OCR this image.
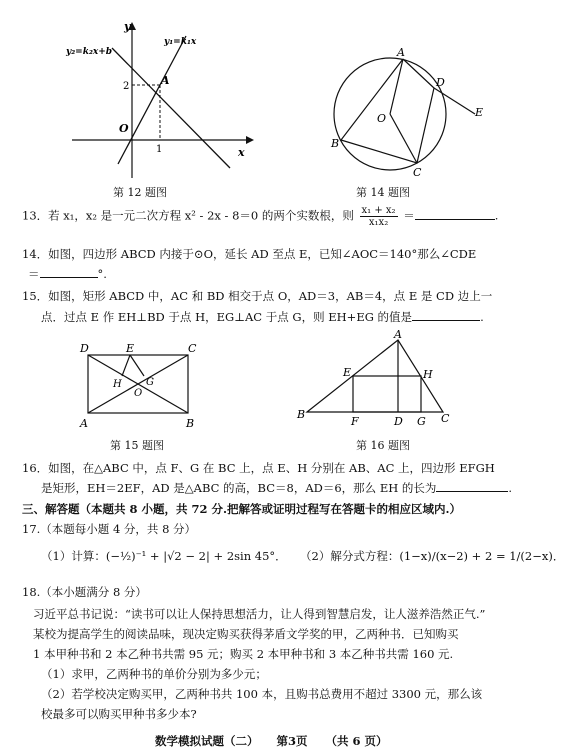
y
x
O
y₁=k₁x
y₂=k₂x+b
A
2
1
第 12 题图
A
D
E
O
B
C
第 14 题图
13．若 x₁，x₂ 是一元二次方程 x² - 2x - 8＝0 的两个实数根，则 $\frac{\text{x₁ + x₂}}{\text{x₁x₂}}$ ＝	.
14．如图，四边形 ABCD 内接于⊙O，延长 AD 至点 E，已知∠AOC＝140°那么∠CDE
＝	°.
15．如图，矩形 ABCD 中，AC 和 BD 相交于点 O，AD＝3，AB＝4，点 E 是 CD 边上一
点．过点 E 作 EH⊥BD 于点 H，EG⊥AC 于点 G，则 EH+EG 的值是	.
D	E	C
H G
O
A	B
第 15 题图
A
E	H
B
F	D G C
第 16 题图
16．如图，在△ABC 中，点 F、G 在 BC 上，点 E、H 分别在 AB、AC 上，四边形 EFGH
是矩形，EH＝2EF，AD 是△ABC 的高，BC＝8，AD＝6，那么 EH 的长为	.
三、解答题（本题共 8 小题，共 72 分.把解答或证明过程写在答题卡的相应区域内.）
17.（本题每小题 4 分，共 8 分）
（1）计算：(−½)⁻¹ + |√2 − 2| + 2sin 45°． （2）解分式方程：(1−x)/(x−2) + 2 = 1/(2−x)．
18.（本小题满分 8 分）
习近平总书记说：“读书可以让人保持思想活力，让人得到智慧启发，让人滋养浩然正气.”
某校为提高学生的阅读品味，现决定购买获得茅盾文学奖的甲，乙两种书．已知购买
1 本甲种书和 2 本乙种书共需 95 元；购买 2 本甲种书和 3 本乙种书共需 160 元.
（1）求甲，乙两种书的单价分别为多少元；
（2）若学校决定购买甲，乙两种书共 100 本，且购书总费用不超过 3300 元，那么该
校最多可以购买甲种书多少本?
数学模拟试题（二） 第3页 （共 6 页）
